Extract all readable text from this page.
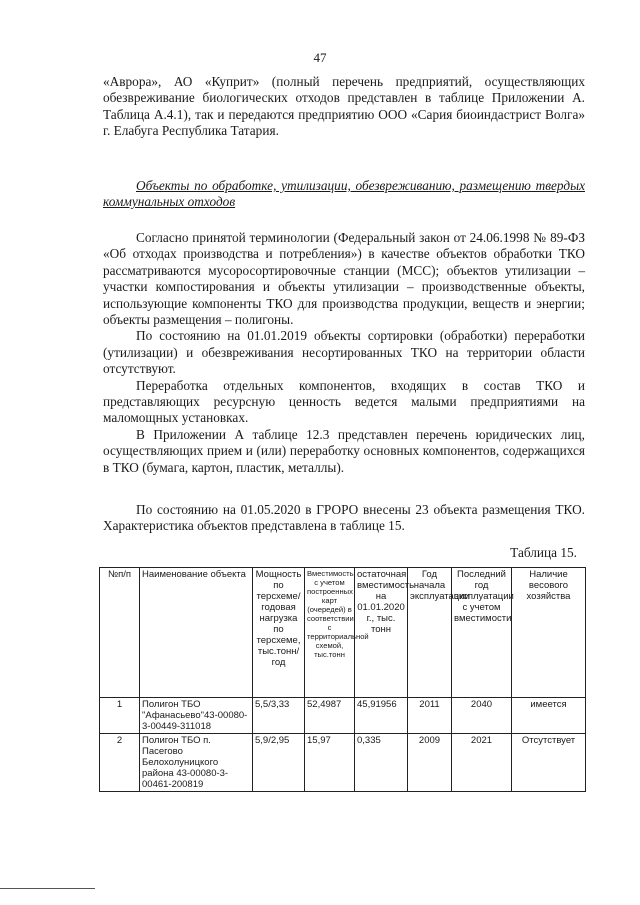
47

«Аврора», АО «Куприт» (полный перечень предприятий, осуществляющих обезвреживание биологических отходов представлен в таблице Приложении А. Таблица А.4.1), так и передаются предприятию ООО «Сария биоиндастрист Волга» г. Елабуга Республика Татария.

Объекты по обработке, утилизации, обезвреживанию, размещению твердых коммунальных отходов

Согласно принятой терминологии (Федеральный закон от 24.06.1998 № 89-ФЗ «Об отходах производства и потребления») в качестве объектов обработки ТКО рассматриваются мусоросортировочные станции (МСС); объектов утилизации – участки компостирования и объекты утилизации – производственные объекты, использующие компоненты ТКО для производства продукции, веществ и энергии; объекты размещения – полигоны.

По состоянию на 01.01.2019 объекты сортировки (обработки) переработки (утилизации) и обезвреживания несортированных ТКО на территории области отсутствуют.

Переработка отдельных компонентов, входящих в состав ТКО и представляющих ресурсную ценность ведется малыми предприятиями на маломощных установках.

В Приложении А таблице 12.3 представлен перечень юридических лиц, осуществляющих прием и (или) переработку основных компонентов, содержащихся в ТКО (бумага, картон, пластик, металлы).

По состоянию на 01.05.2020 в ГРОРО внесены 23 объекта размещения ТКО. Характеристика объектов представлена в таблице 15.

Таблица 15.
№п/п	Наименование объекта	Мощность по терсхеме/годовая нагрузка по терсхеме, тыс.тонн/год	Вместимость с учетом построенных карт (очередей) в соответствии с территориальной схемой, тыс.тонн	остаточная вместимость на 01.01.2020 г., тыс. тонн	Год начала эксплуатации	Последний год эксплуатации с учетом вместимости	Наличие весового хозяйства
1	Полигон ТБО "Афанасьево"43-00080-3-00449-311018	5,5/3,33	52,4987	45,91956	2011	2040	имеется
2	Полигон ТБО п. Пасегово Белохолуницкого района 43-00080-3-00461-200819	5,9/2,95	15,97	0,335	2009	2021	Отсутствует
